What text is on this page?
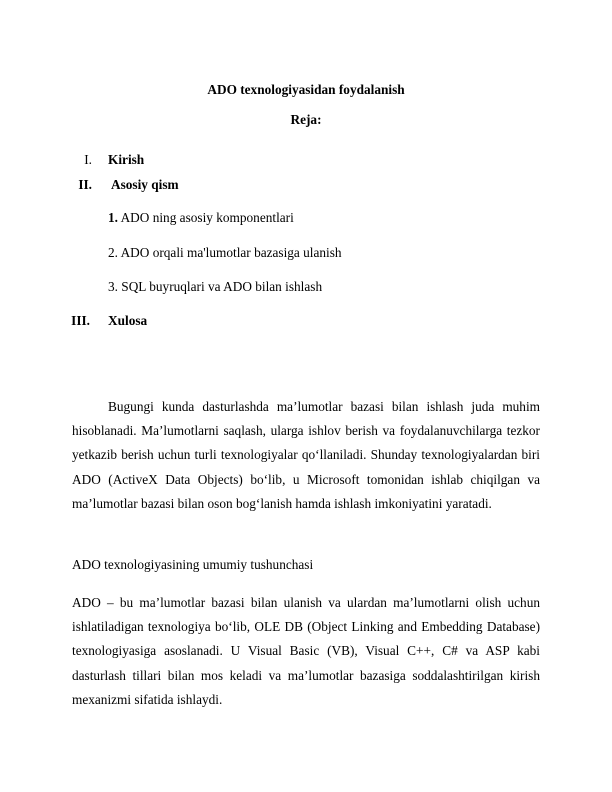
ADO texnologiyasidan foydalanish
Reja:
I. Kirish
II. Asosiy qism
1. ADO ning asosiy komponentlari
2. ADO orqali ma'lumotlar bazasiga ulanish
3. SQL buyruqlari va ADO bilan ishlash
III. Xulosa

Bugungi kunda dasturlashda ma’lumotlar bazasi bilan ishlash juda muhim hisoblanadi. Ma’lumotlarni saqlash, ularga ishlov berish va foydalanuvchilarga tezkor yetkazib berish uchun turli texnologiyalar qo‘llaniladi. Shunday texnologiyalardan biri ADO (ActiveX Data Objects) bo‘lib, u Microsoft tomonidan ishlab chiqilgan va ma’lumotlar bazasi bilan oson bog‘lanish hamda ishlash imkoniyatini yaratadi.

ADO texnologiyasining umumiy tushunchasi

ADO – bu ma’lumotlar bazasi bilan ulanish va ulardan ma’lumotlarni olish uchun ishlatiladigan texnologiya bo‘lib, OLE DB (Object Linking and Embedding Database) texnologiyasiga asoslanadi. U Visual Basic (VB), Visual C++, C# va ASP kabi dasturlash tillari bilan mos keladi va ma’lumotlar bazasiga soddalashtirilgan kirish mexanizmi sifatida ishlaydi.
